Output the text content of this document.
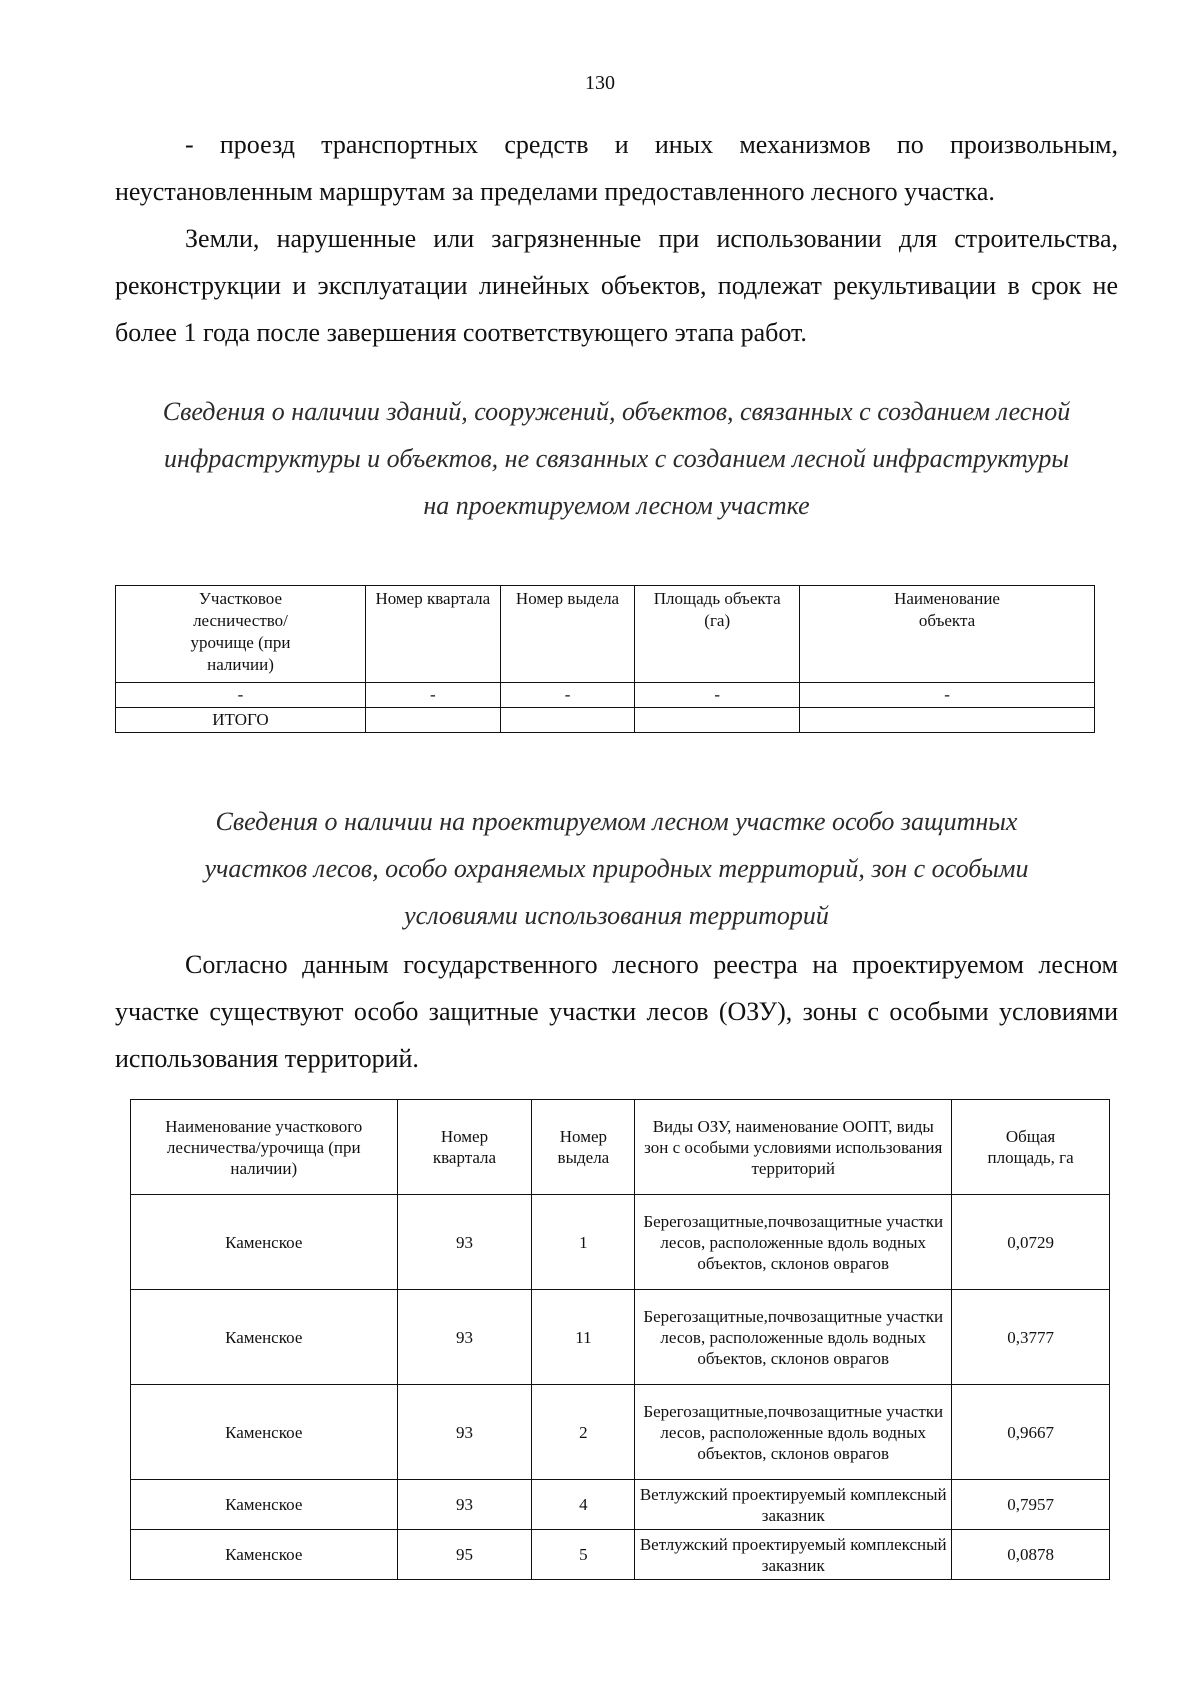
130

- проезд транспортных средств и иных механизмов по произвольным, неустановленным маршрутам за пределами предоставленного лесного участка.

Земли, нарушенные или загрязненные при использовании для строительства, реконструкции и эксплуатации линейных объектов, подлежат рекультивации в срок не более 1 года после завершения соответствующего этапа работ.

Сведения о наличии зданий, сооружений, объектов, связанных с созданием лесной

инфраструктуры и объектов, не связанных с созданием лесной инфраструктуры

на проектируемом лесном участке

Участковое лесничество/ урочище (при наличии)	Номер квартала	Номер выдела	Площадь объекта (га)	Наименование объекта

-	-	-	-	-
ИТОГО				

Сведения о наличии на проектируемом лесном участке особо защитных

участков лесов, особо охраняемых природных территорий, зон с особыми

условиями использования территорий

Согласно данным государственного лесного реестра на проектируемом лесном участке существуют особо защитные участки лесов (ОЗУ), зоны с особыми условиями использования территорий.

Наименование участкового лесничества/урочища (при наличии)	Номер квартала	Номер выдела	Виды ОЗУ, наименование ООПТ, виды зон с особыми условиями использования территорий	Общая площадь, га

Каменское	93	1	Берегозащитные,почвозащитные участки лесов, расположенные вдоль водных объектов, склонов оврагов	0,0729
Каменское	93	11	Берегозащитные,почвозащитные участки лесов, расположенные вдоль водных объектов, склонов оврагов	0,3777
Каменское	93	2	Берегозащитные,почвозащитные участки лесов, расположенные вдоль водных объектов, склонов оврагов	0,9667
Каменское	93	4	Ветлужский проектируемый комплексный заказник	0,7957
Каменское	95	5	Ветлужский проектируемый комплексный заказник	0,0878
